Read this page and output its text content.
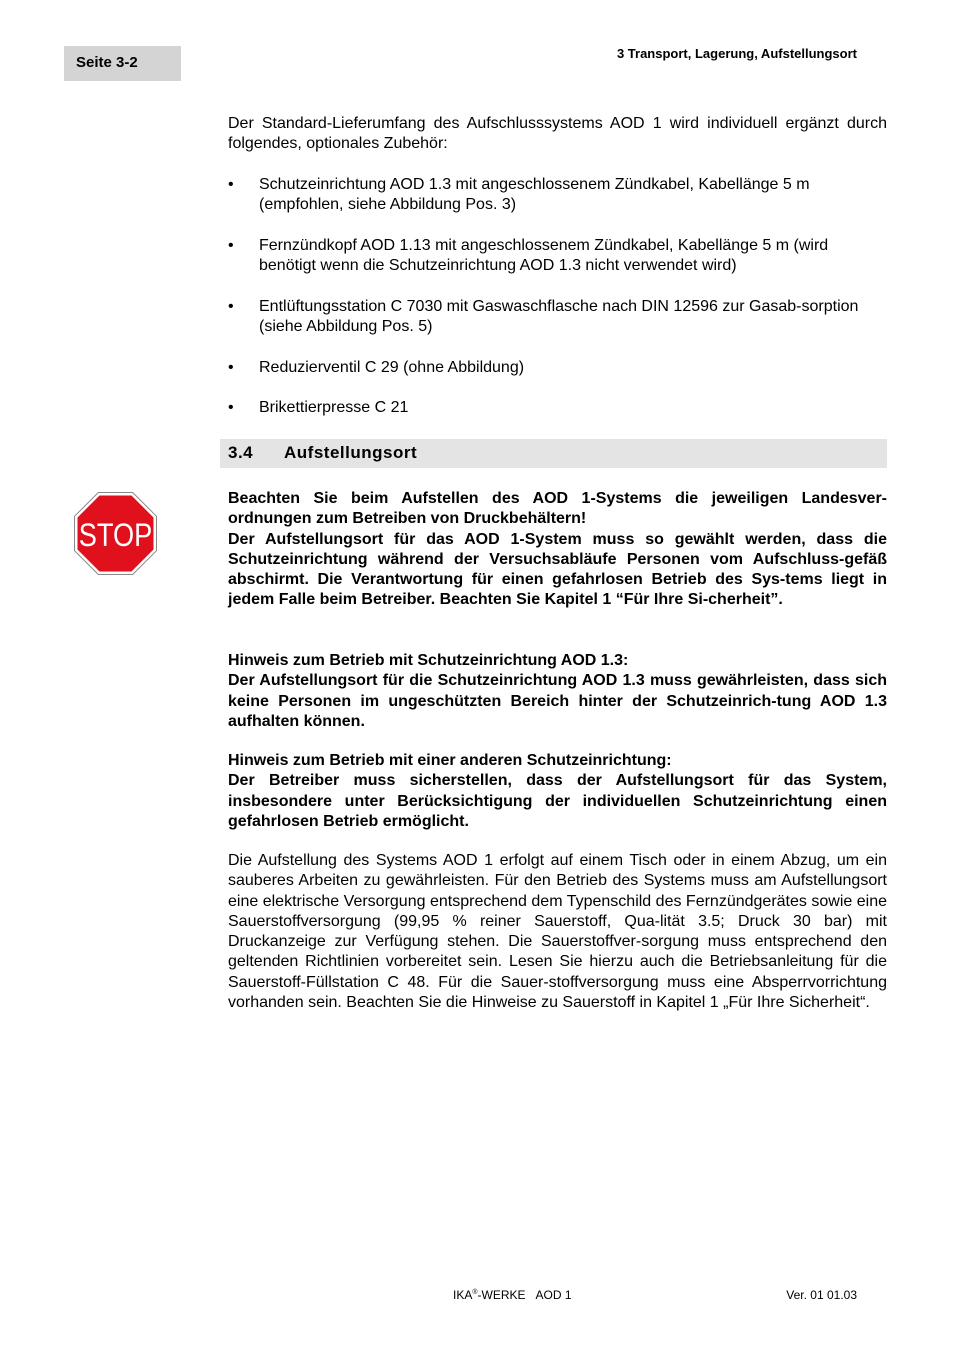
Seite 3-2
3 Transport, Lagerung, Aufstellungsort

Der Standard-Lieferumfang des Aufschlusssystems AOD 1 wird individuell ergänzt durch folgendes, optionales Zubehör:

• Schutzeinrichtung AOD 1.3 mit angeschlossenem Zündkabel, Kabellänge 5 m (empfohlen, siehe Abbildung Pos. 3)
• Fernzündkopf AOD 1.13 mit angeschlossenem Zündkabel, Kabellänge 5 m (wird benötigt wenn die Schutzeinrichtung AOD 1.3 nicht verwendet wird)
• Entlüftungsstation C 7030 mit Gaswaschflasche nach DIN 12596 zur Gasab-sorption (siehe Abbildung Pos. 5)
• Reduzierventil C 29 (ohne Abbildung)
• Brikettierpresse C 21
3.4 Aufstellungsort
STOP
Beachten Sie beim Aufstellen des AOD 1-Systems die jeweiligen Landesver-ordnungen zum Betreiben von Druckbehältern!
Der Aufstellungsort für das AOD 1-System muss so gewählt werden, dass die Schutzeinrichtung während der Versuchsabläufe Personen vom Aufschluss-gefäß abschirmt. Die Verantwortung für einen gefahrlosen Betrieb des Sys-tems liegt in jedem Falle beim Betreiber. Beachten Sie Kapitel 1 “Für Ihre Si-cherheit”.
Hinweis zum Betrieb mit Schutzeinrichtung AOD 1.3:
Der Aufstellungsort für die Schutzeinrichtung AOD 1.3 muss gewährleisten, dass sich keine Personen im ungeschützten Bereich hinter der Schutzeinrich-tung AOD 1.3 aufhalten können.
Hinweis zum Betrieb mit einer anderen Schutzeinrichtung:
Der Betreiber muss sicherstellen, dass der Aufstellungsort für das System, insbesondere unter Berücksichtigung der individuellen Schutzeinrichtung einen gefahrlosen Betrieb ermöglicht.

Die Aufstellung des Systems AOD 1 erfolgt auf einem Tisch oder in einem Abzug, um ein sauberes Arbeiten zu gewährleisten. Für den Betrieb des Systems muss am Aufstellungsort eine elektrische Versorgung entsprechend dem Typenschild des Fernzündgerätes sowie eine Sauerstoffversorgung (99,95 % reiner Sauerstoff, Qua-lität 3.5; Druck 30 bar) mit Druckanzeige zur Verfügung stehen. Die Sauerstoffver-sorgung muss entsprechend den geltenden Richtlinien vorbereitet sein. Lesen Sie hierzu auch die Betriebsanleitung für die Sauerstoff-Füllstation C 48. Für die Sauer-stoffversorgung muss eine Absperrvorrichtung vorhanden sein. Beachten Sie die Hinweise zu Sauerstoff in Kapitel 1 „Für Ihre Sicherheit“.

IKA®-WERKE AOD 1	Ver. 01 01.03
